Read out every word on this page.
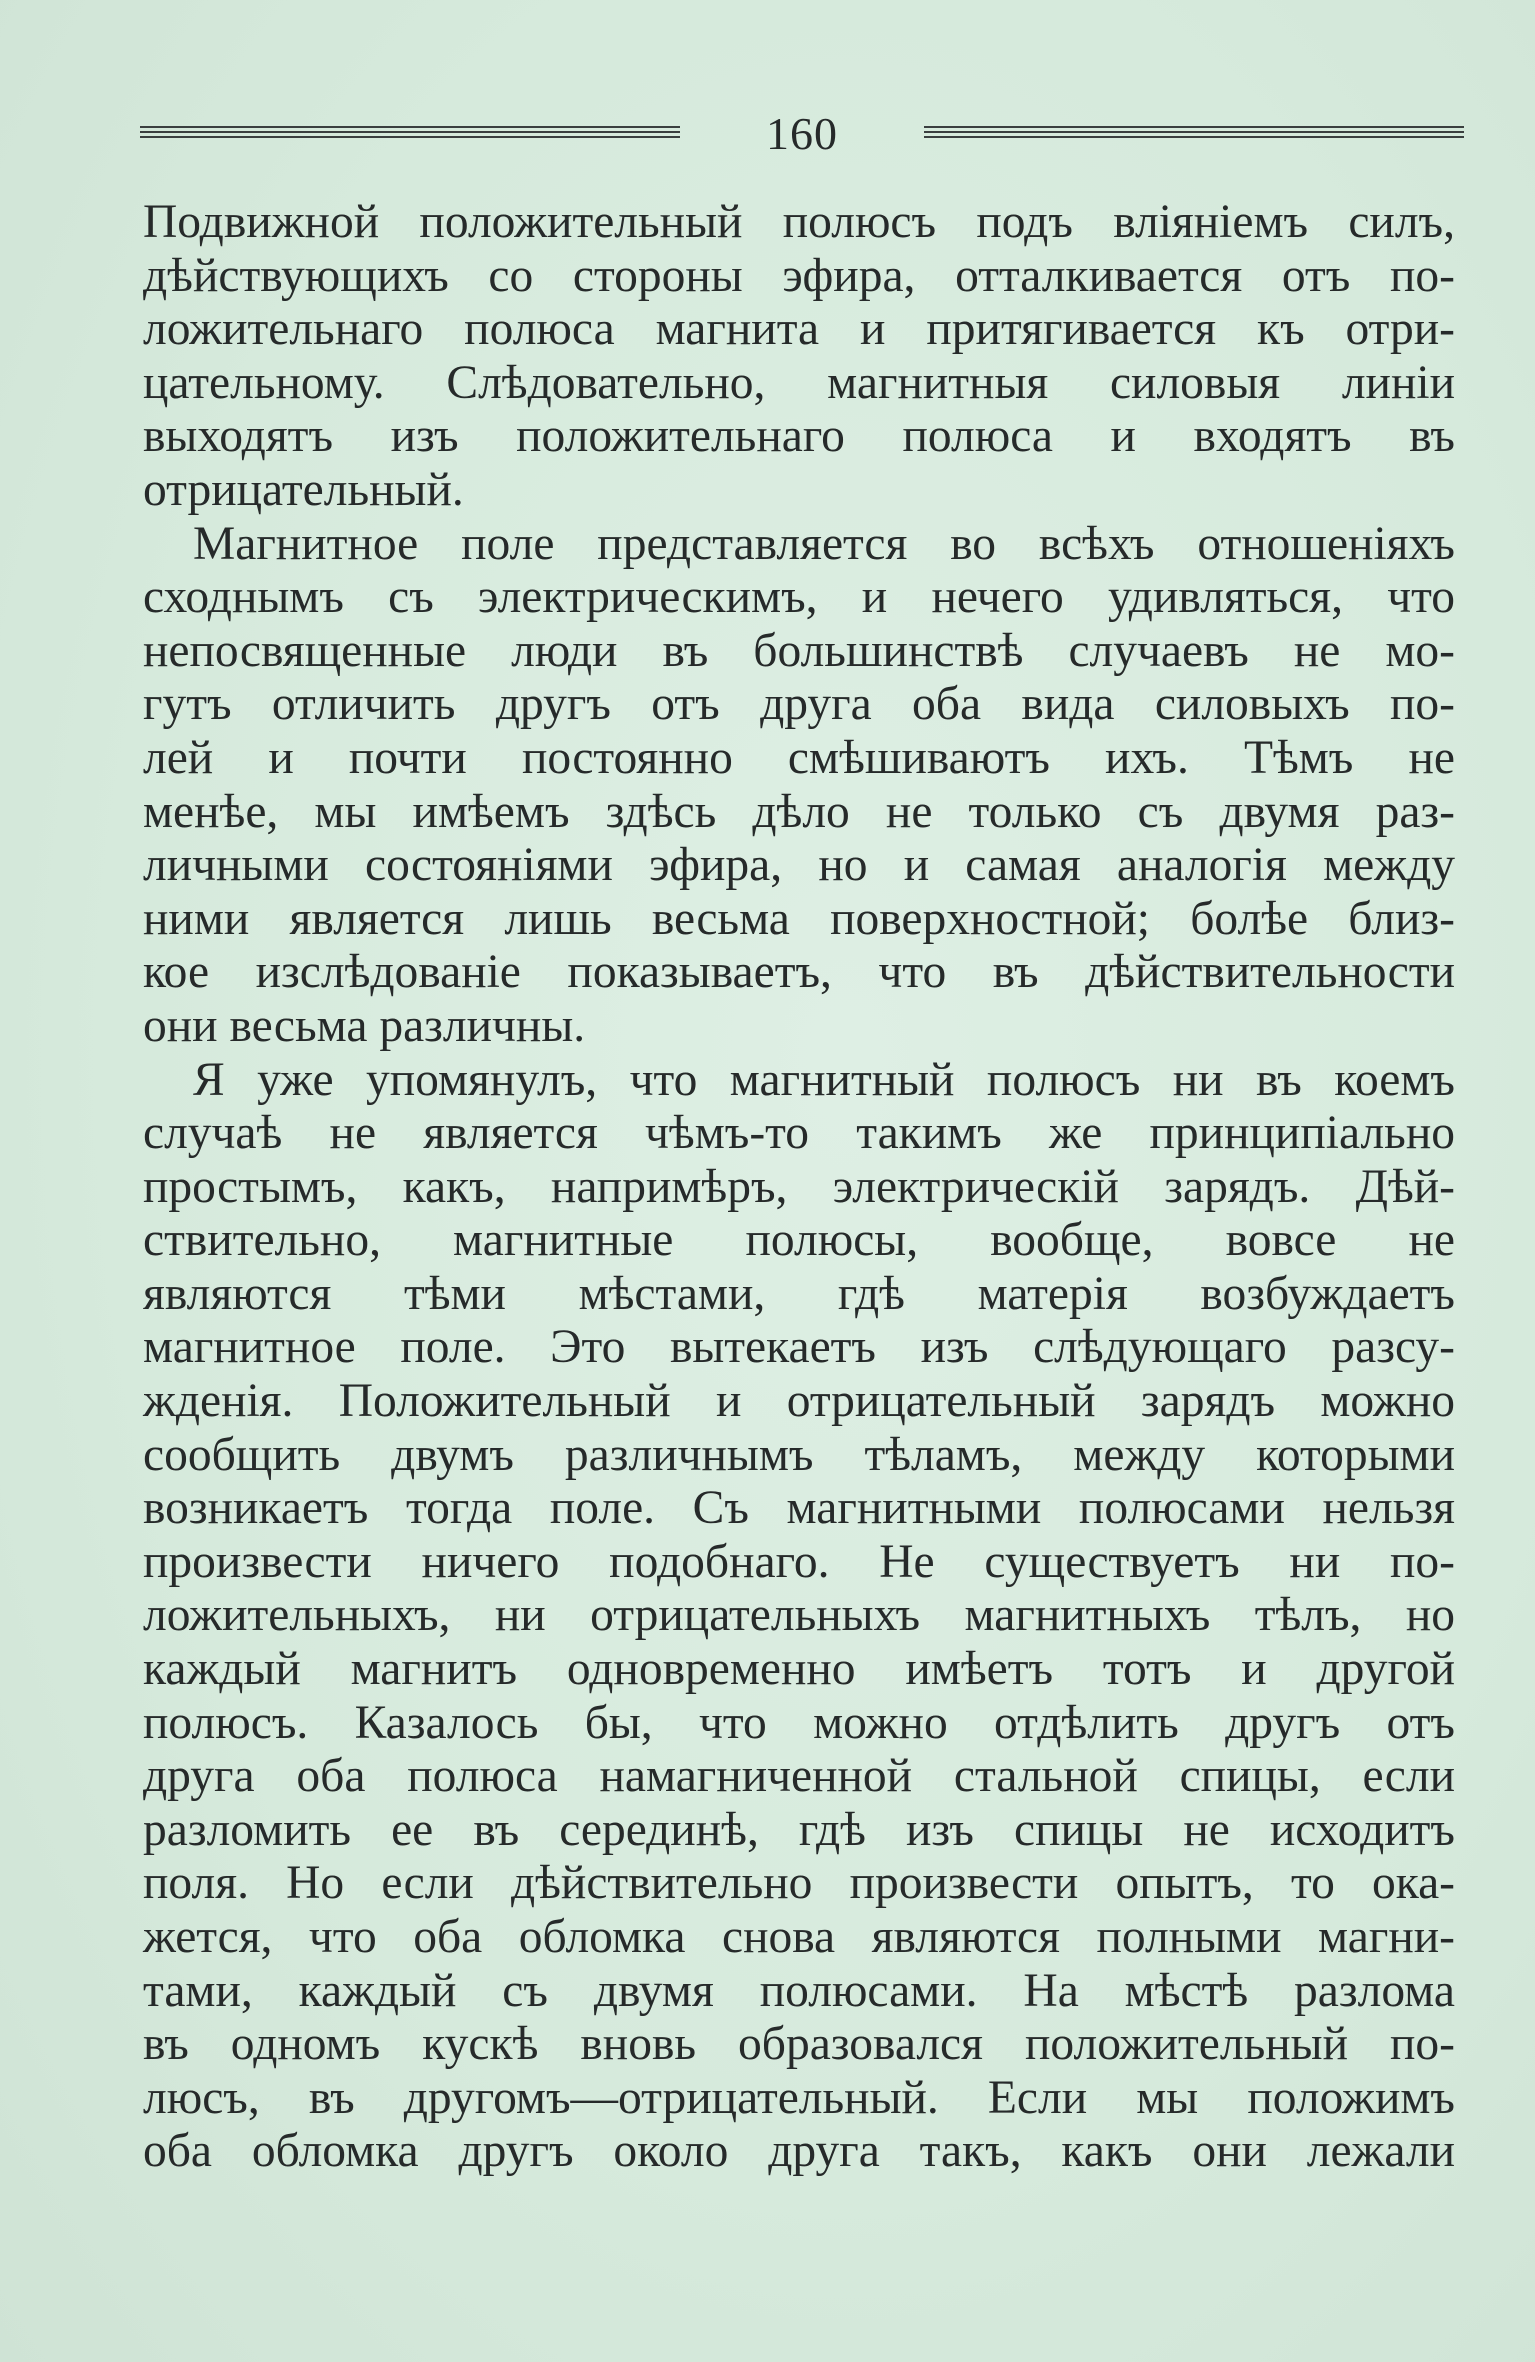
160
Подвижной положительный полюсъ подъ вліяніемъ силъ,
дѣйствующихъ со стороны эфира, отталкивается отъ по-
ложительнаго полюса магнита и притягивается къ отри-
цательному. Слѣдовательно, магнитныя силовыя линіи
выходятъ изъ положительнаго полюса и входятъ въ
отрицательный.
Магнитное поле представляется во всѣхъ отношеніяхъ
сходнымъ съ электрическимъ, и нечего удивляться, что
непосвященные люди въ большинствѣ случаевъ не мо-
гутъ отличить другъ отъ друга оба вида силовыхъ по-
лей и почти постоянно смѣшиваютъ ихъ. Тѣмъ не
менѣе, мы имѣемъ здѣсь дѣло не только съ двумя раз-
личными состояніями эфира, но и самая аналогія между
ними является лишь весьма поверхностной; болѣе близ-
кое изслѣдованіе показываетъ, что въ дѣйствительности
они весьма различны.
Я уже упомянулъ, что магнитный полюсъ ни въ коемъ
случаѣ не является чѣмъ-то такимъ же принципіально
простымъ, какъ, напримѣръ, электрическій зарядъ. Дѣй-
ствительно, магнитные полюсы, вообще, вовсе не
являются тѣми мѣстами, гдѣ матерія возбуждаетъ
магнитное поле. Это вытекаетъ изъ слѣдующаго разсу-
жденія. Положительный и отрицательный зарядъ можно
сообщить двумъ различнымъ тѣламъ, между которыми
возникаетъ тогда поле. Съ магнитными полюсами нельзя
произвести ничего подобнаго. Не существуетъ ни по-
ложительныхъ, ни отрицательныхъ магнитныхъ тѣлъ, но
каждый магнитъ одновременно имѣетъ тотъ и другой
полюсъ. Казалось бы, что можно отдѣлить другъ отъ
друга оба полюса намагниченной стальной спицы, если
разломить ее въ серединѣ, гдѣ изъ спицы не исходитъ
поля. Но если дѣйствительно произвести опытъ, то ока-
жется, что оба обломка снова являются полными магни-
тами, каждый съ двумя полюсами. На мѣстѣ разлома
въ одномъ кускѣ вновь образовался положительный по-
люсъ, въ другомъ—отрицательный. Если мы положимъ
оба обломка другъ около друга такъ, какъ они лежали
